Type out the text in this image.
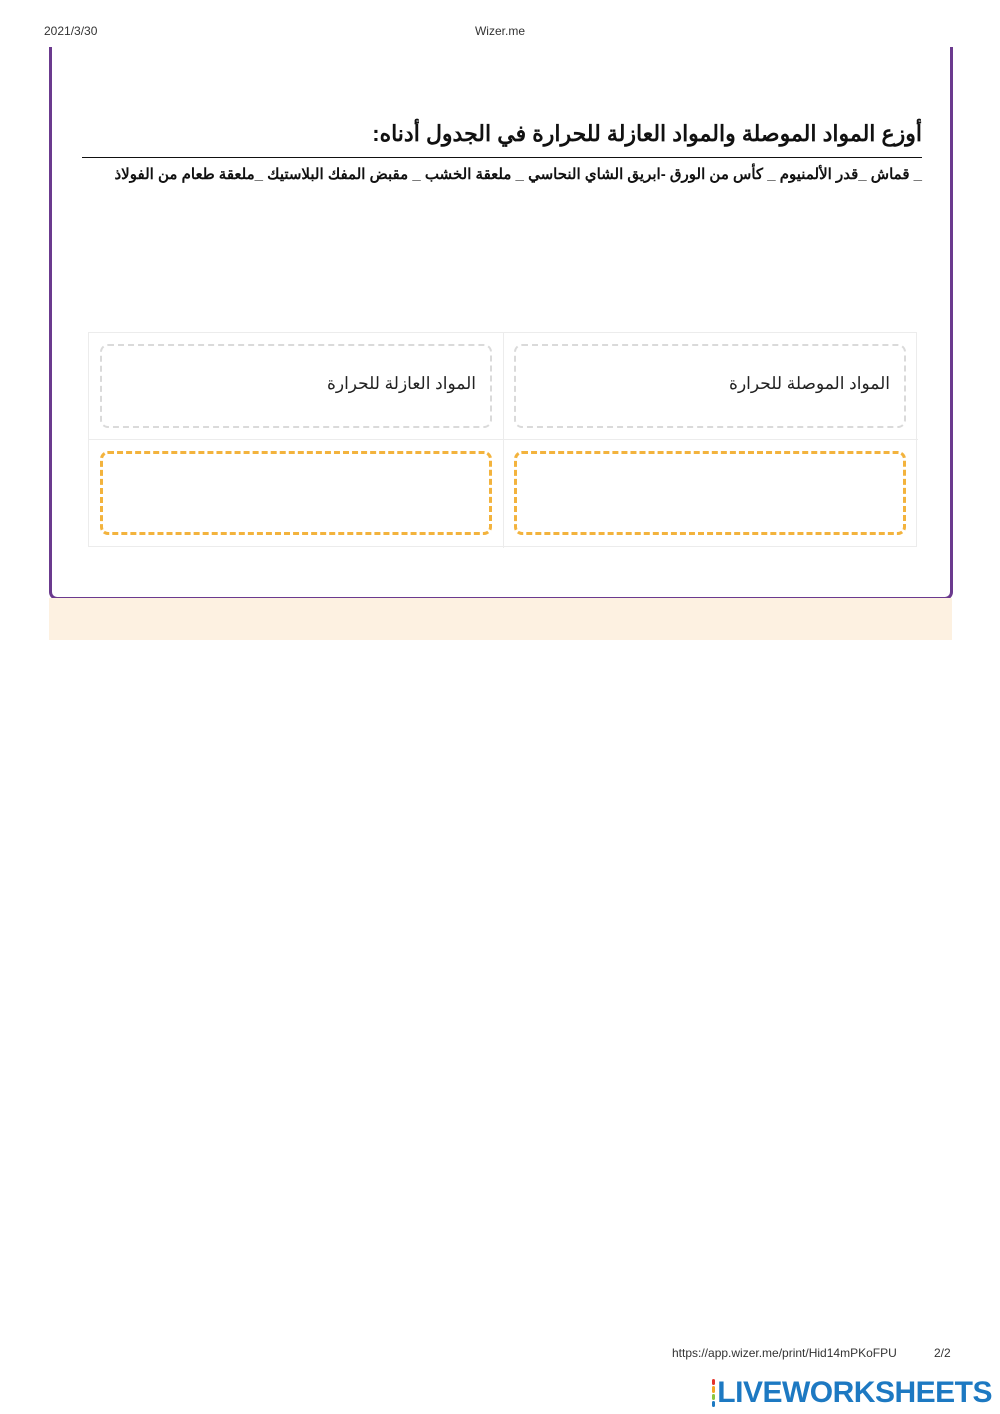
2021/3/30	Wizer.me
أوزع المواد الموصلة والمواد العازلة للحرارة في الجدول أدناه:
_ قماش _قدر الألمنيوم _ كأس من الورق -ابريق الشاي النحاسي _ ملعقة الخشب _ مقبض المفك البلاستيك _ملعقة طعام من الفولاذ
المواد الموصلة للحرارة
المواد العازلة للحرارة
https://app.wizer.me/print/Hid14mPKoFPU	2/2
LIVEWORKSHEETS
